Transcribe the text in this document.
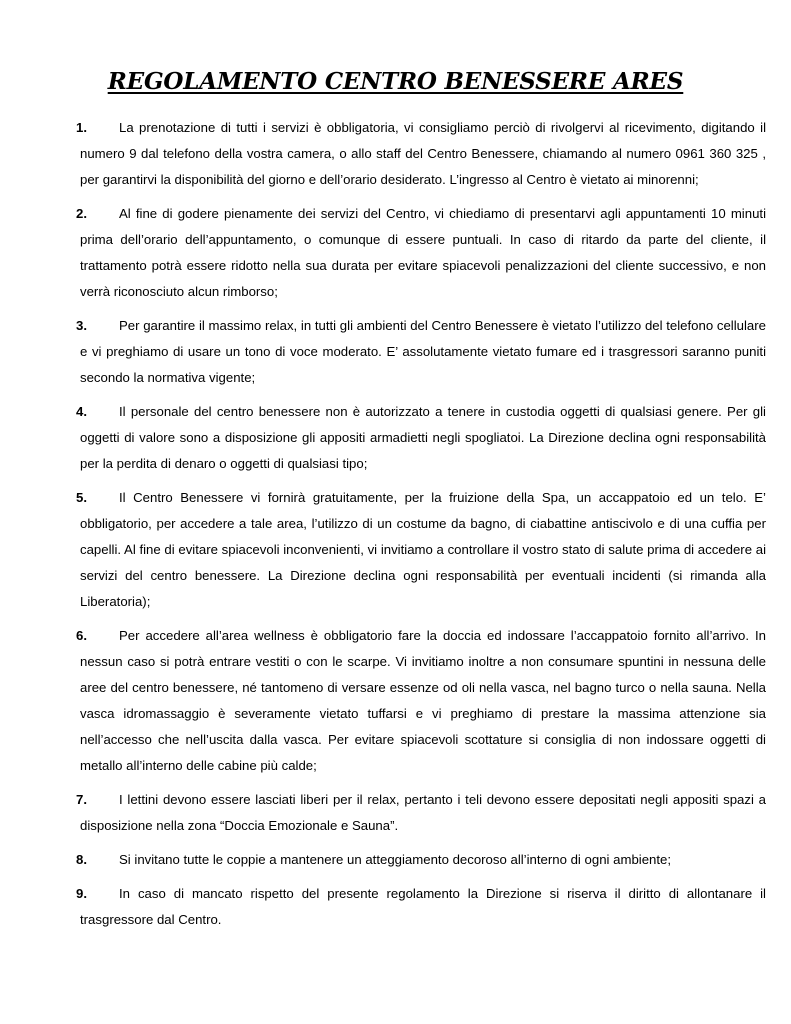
REGOLAMENTO CENTRO BENESSERE ARES
1.	La prenotazione di tutti i servizi è obbligatoria, vi consigliamo perciò di rivolgervi al ricevimento, digitando il numero 9 dal telefono della vostra camera, o allo staff del Centro Benessere, chiamando al numero 0961 360 325 , per garantirvi la disponibilità del giorno e dell’orario desiderato. L’ingresso al Centro è vietato ai minorenni;
2.	Al fine di godere pienamente dei servizi del Centro, vi chiediamo di presentarvi agli appuntamenti 10 minuti prima dell’orario dell’appuntamento, o comunque di essere puntuali. In caso di ritardo da parte del cliente, il trattamento potrà essere ridotto nella sua durata per evitare spiacevoli penalizzazioni del cliente successivo, e non verrà riconosciuto alcun rimborso;
3.	Per garantire il massimo relax, in tutti gli ambienti del Centro Benessere è vietato l’utilizzo del telefono cellulare e vi preghiamo di usare un tono di voce moderato. E’ assolutamente vietato fumare ed i trasgressori saranno puniti secondo la normativa vigente;
4.	Il personale del centro benessere non è autorizzato a tenere in custodia oggetti di qualsiasi genere. Per gli oggetti di valore sono a disposizione gli appositi armadietti negli spogliatoi. La Direzione declina ogni responsabilità per la perdita di denaro o oggetti di qualsiasi tipo;
5.	Il Centro Benessere vi fornirà gratuitamente, per la fruizione della Spa, un accappatoio ed un telo. E’ obbligatorio, per accedere a tale area, l’utilizzo di un costume da bagno, di ciabattine antiscivolo e di una cuffia per capelli. Al fine di evitare spiacevoli inconvenienti, vi invitiamo a controllare il vostro stato di salute prima di accedere ai servizi del centro benessere. La Direzione declina ogni responsabilità per eventuali incidenti (si rimanda alla Liberatoria);
6.	Per accedere all’area wellness è obbligatorio fare la doccia ed indossare l’accappatoio fornito all’arrivo. In nessun caso si potrà entrare vestiti o con le scarpe. Vi invitiamo inoltre a non consumare spuntini in nessuna delle aree del centro benessere, né tantomeno di versare essenze od oli nella vasca, nel bagno turco o nella sauna. Nella vasca idromassaggio è severamente vietato tuffarsi e vi preghiamo di prestare la massima attenzione sia nell’accesso che nell’uscita dalla vasca. Per evitare spiacevoli scottature si consiglia di non indossare oggetti di metallo all’interno delle cabine più calde;
7.	I lettini devono essere lasciati liberi per il relax, pertanto i teli devono essere depositati negli appositi spazi a disposizione nella zona “Doccia Emozionale e Sauna”.
8.	Si invitano tutte le coppie a mantenere un atteggiamento decoroso all’interno di ogni ambiente;
9.	In caso di mancato rispetto del presente regolamento la Direzione si riserva il diritto di allontanare il trasgressore dal Centro.
